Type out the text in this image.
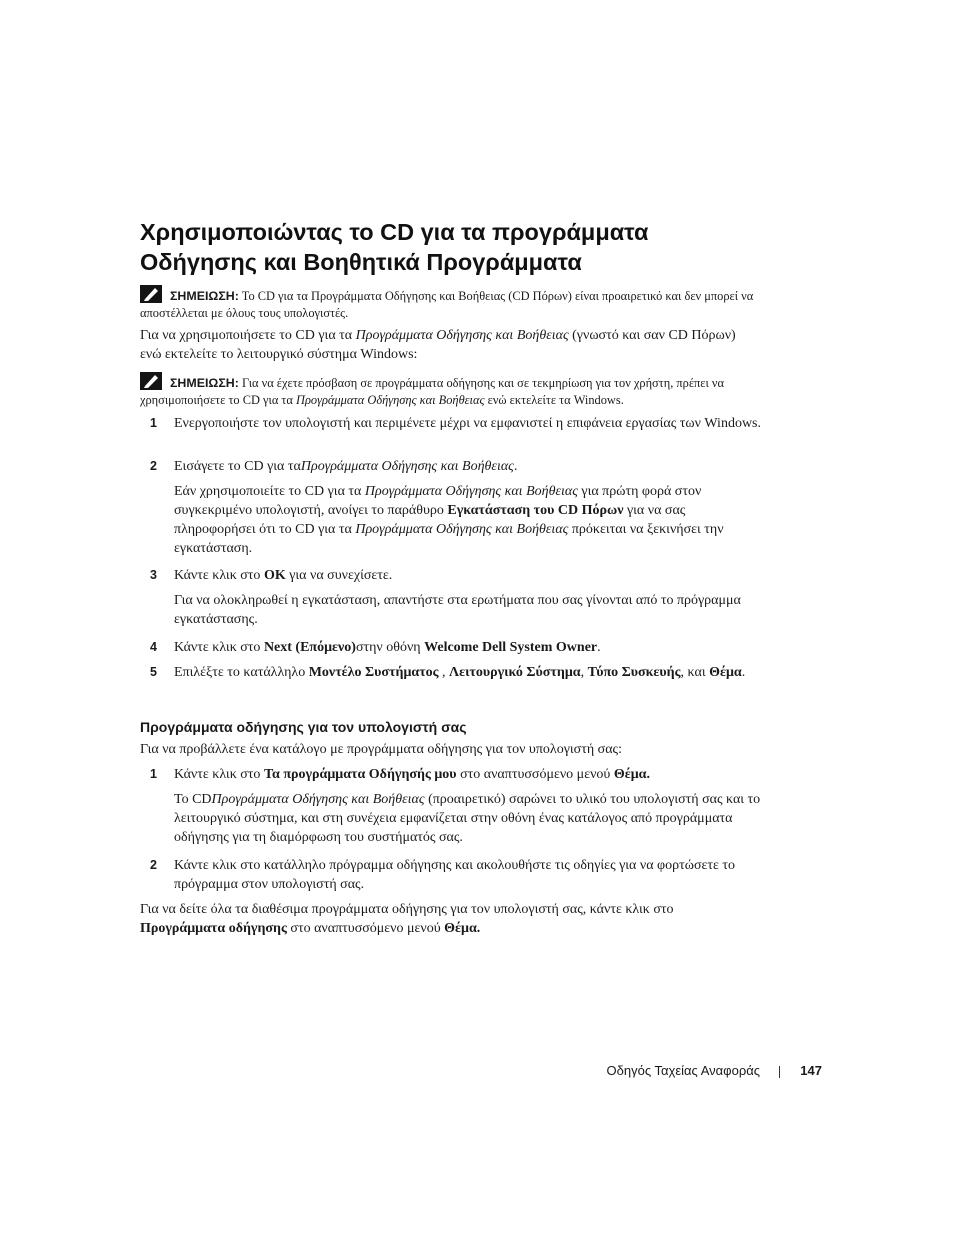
Χρησιμοποιώντας το CD για τα προγράμματα
Οδήγησης και Βοηθητικά Προγράμματα
ΣΗΜΕΙΩΣΗ: Το CD για τα Προγράμματα Οδήγησης και Βοήθειας (CD Πόρων) είναι προαιρετικό και δεν μπορεί να αποστέλλεται με όλους τους υπολογιστές.
Για να χρησιμοποιήσετε το CD για τα Προγράμματα Οδήγησης και Βοήθειας (γνωστό και σαν CD Πόρων) ενώ εκτελείτε το λειτουργικό σύστημα Windows:
ΣΗΜΕΙΩΣΗ: Για να έχετε πρόσβαση σε προγράμματα οδήγησης και σε τεκμηρίωση για τον χρήστη, πρέπει να χρησιμοποιήσετε το CD για τα Προγράμματα Οδήγησης και Βοήθειας ενώ εκτελείτε τα Windows.
1 Ενεργοποιήστε τον υπολογιστή και περιμένετε μέχρι να εμφανιστεί η επιφάνεια εργασίας των Windows.
2 Εισάγετε το CD για ταΠρογράμματα Οδήγησης και Βοήθειας.
Εάν χρησιμοποιείτε το CD για τα Προγράμματα Οδήγησης και Βοήθειας για πρώτη φορά στον συγκεκριμένο υπολογιστή, ανοίγει το παράθυρο Εγκατάσταση του CD Πόρων για να σας πληροφορήσει ότι το CD για τα Προγράμματα Οδήγησης και Βοήθειας πρόκειται να ξεκινήσει την εγκατάσταση.
3 Κάντε κλικ στο OK για να συνεχίσετε.
Για να ολοκληρωθεί η εγκατάσταση, απαντήστε στα ερωτήματα που σας γίνονται από το πρόγραμμα εγκατάστασης.
4 Κάντε κλικ στο Next (Επόμενο)στην οθόνη Welcome Dell System Owner.
5 Επιλέξτε το κατάλληλο Μοντέλο Συστήματος , Λειτουργικό Σύστημα, Τύπο Συσκευής, και Θέμα.
Προγράμματα οδήγησης για τον υπολογιστή σας
Για να προβάλλετε ένα κατάλογο με προγράμματα οδήγησης για τον υπολογιστή σας:
1 Κάντε κλικ στο Τα προγράμματα Οδήγησής μου στο αναπτυσσόμενο μενού Θέμα.
Το CDΠρογράμματα Οδήγησης και Βοήθειας (προαιρετικό) σαρώνει το υλικό του υπολογιστή σας και το λειτουργικό σύστημα, και στη συνέχεια εμφανίζεται στην οθόνη ένας κατάλογος από προγράμματα οδήγησης για τη διαμόρφωση του συστήματός σας.
2 Κάντε κλικ στο κατάλληλο πρόγραμμα οδήγησης και ακολουθήστε τις οδηγίες για να φορτώσετε το πρόγραμμα στον υπολογιστή σας.
Για να δείτε όλα τα διαθέσιμα προγράμματα οδήγησης για τον υπολογιστή σας, κάντε κλικ στο Προγράμματα οδήγησης στο αναπτυσσόμενο μενού Θέμα.
Οδηγός Ταχείας Αναφοράς	147
